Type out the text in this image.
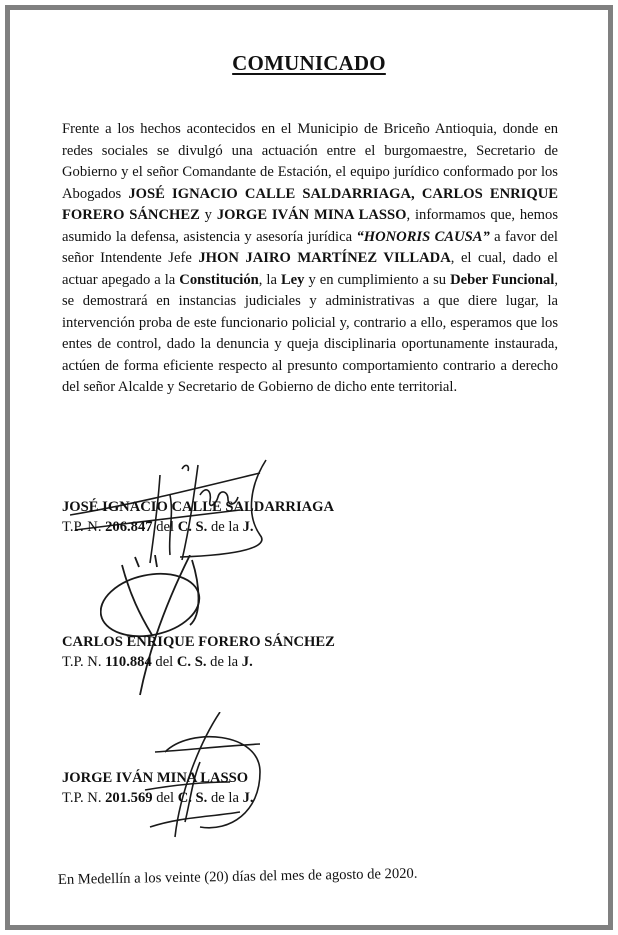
COMUNICADO
Frente a los hechos acontecidos en el Municipio de Briceño Antioquia, donde en redes sociales se divulgó una actuación entre el burgomaestre, Secretario de Gobierno y el señor Comandante de Estación, el equipo jurídico conformado por los Abogados JOSÉ IGNACIO CALLE SALDARRIAGA, CARLOS ENRIQUE FORERO SÁNCHEZ y JORGE IVÁN MINA LASSO, informamos que, hemos asumido la defensa, asistencia y asesoría jurídica “HONORIS CAUSA” a favor del señor Intendente Jefe JHON JAIRO MARTÍNEZ VILLADA, el cual, dado el actuar apegado a la Constitución, la Ley y en cumplimiento a su Deber Funcional, se demostrará en instancias judiciales y administrativas a que diere lugar, la intervención proba de este funcionario policial y, contrario a ello, esperamos que los entes de control, dado la denuncia y queja disciplinaria oportunamente instaurada, actúen de forma eficiente respecto al presunto comportamiento contrario a derecho del señor Alcalde y Secretario de Gobierno de dicho ente territorial.
JOSÉ IGNACIO CALLE SALDARRIAGA
T.P. N. 206.847 del C. S. de la J.
CARLOS ENRIQUE FORERO SÁNCHEZ
T.P. N. 110.884 del C. S. de la J.
JORGE IVÁN MINA LASSO
T.P. N. 201.569 del C. S. de la J.
En Medellín a los veinte (20) días del mes de agosto de 2020.
